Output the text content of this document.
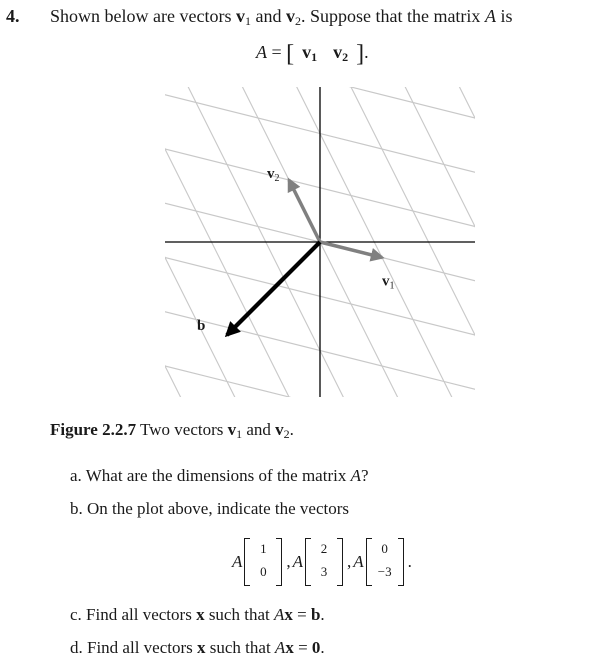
4. Shown below are vectors $v_1$ and $v_2$. Suppose that the matrix A is
A = [ $v_1$ $v_2$ ].
$v_1$
$v_2$
b
Figure 2.2.7 Two vectors $v_1$ and $v_2$.
a. What are the dimensions of the matrix A?
b. On the plot above, indicate the vectors
A
1
0
, A
2
3
, A
0
−3
.
c. Find all vectors x such that Ax = b.
d. Find all vectors x such that Ax = 0.
